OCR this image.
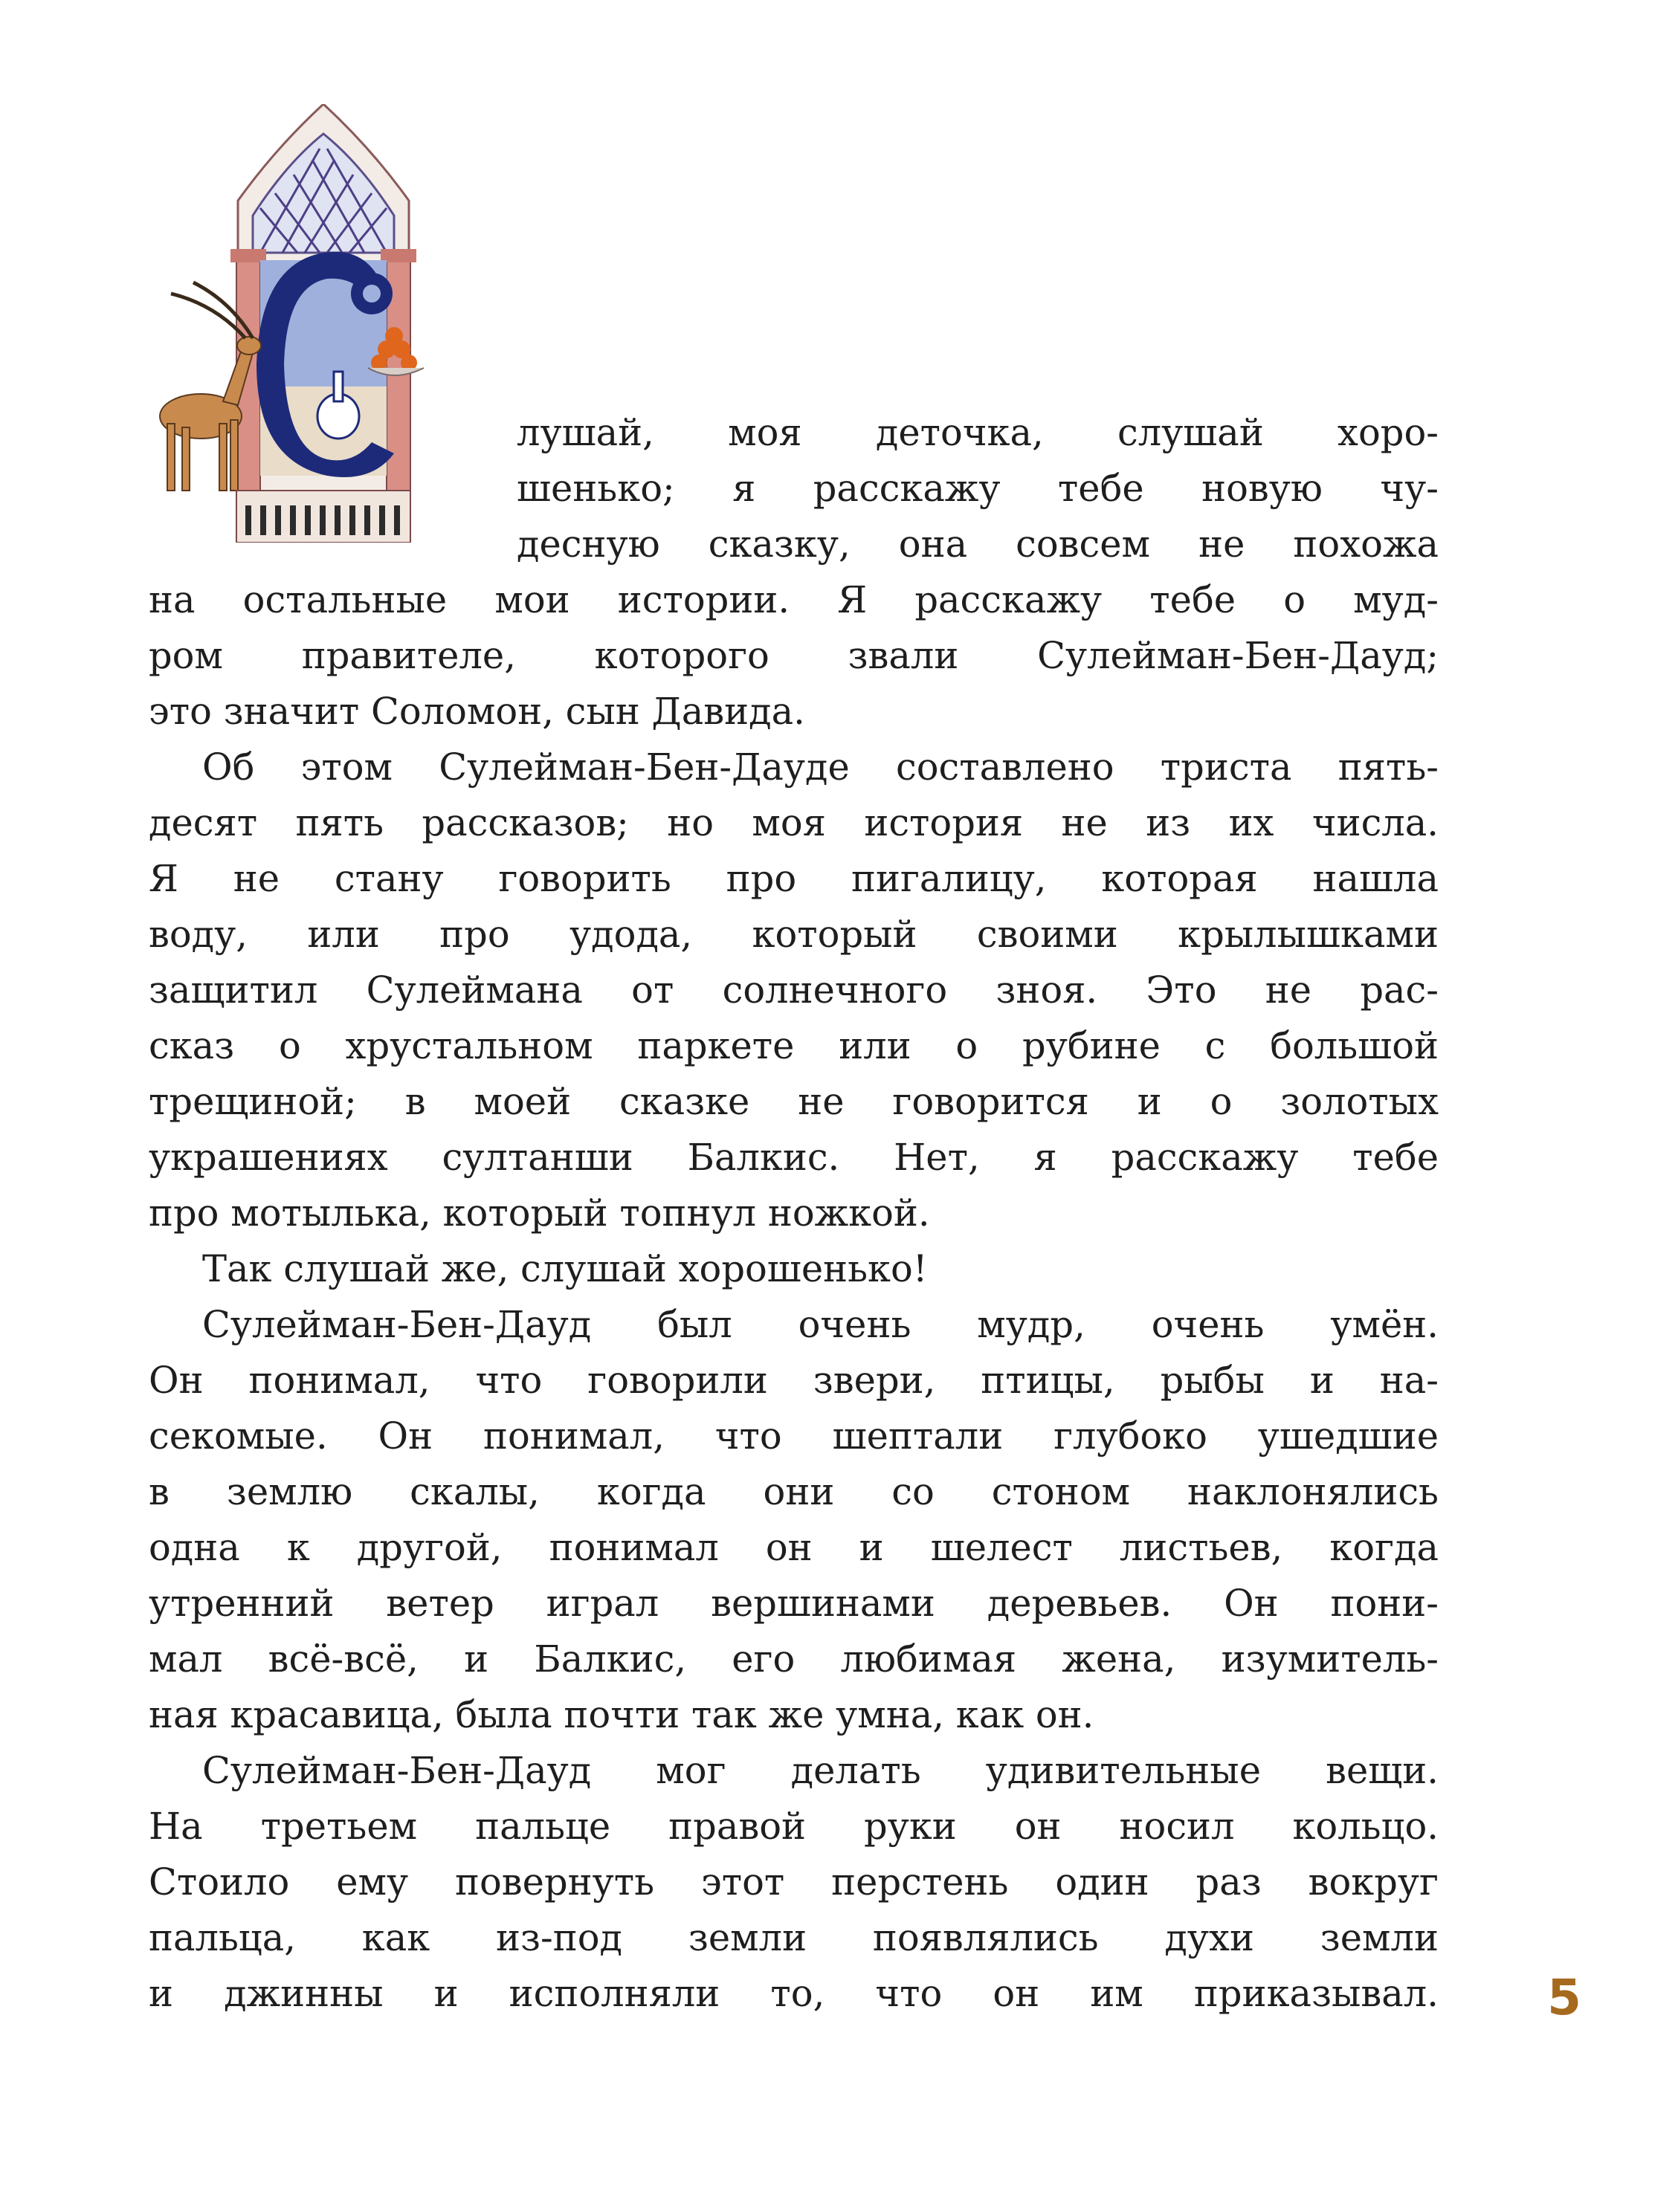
лушай, моя деточка, слушай хоро-
шенько; я расскажу тебе новую чу-
десную сказку, она совсем не похожа

на остальные мои истории. Я расскажу тебе о муд-
ром правителе, которого звали Сулейман-Бен-Дауд;
это значит Соломон, сын Давида.

Об этом Сулейман-Бен-Дауде составлено триста пять-

десят пять рассказов; но моя история не из их числа.
Я не стану говорить про пигалицу, которая нашла
воду, или про удода, который своими крылышками
защитил Сулеймана от солнечного зноя. Это не рас-
сказ о хрустальном паркете или о рубине с большой
трещиной; в моей сказке не говорится и о золотых
украшениях султанши Балкис. Нет, я расскажу тебе
про мотылька, который топнул ножкой.

Так слушай же, слушай хорошенько!

Сулейман-Бен-Дауд был очень мудр, очень умён.

Он понимал, что говорили звери, птицы, рыбы и на-
секомые. Он понимал, что шептали глубоко ушедшие
в землю скалы, когда они со стоном наклонялись
одна к другой, понимал он и шелест листьев, когда
утренний ветер играл вершинами деревьев. Он пони-
мал всё-всё, и Балкис, его любимая жена, изумитель-
ная красавица, была почти так же умна, как он.

Сулейман-Бен-Дауд мог делать удивительные вещи.

На третьем пальце правой руки он носил кольцо.
Стоило ему повернуть этот перстень один раз вокруг
пальца, как из-под земли появлялись духи земли
и джинны и исполняли то, что он им приказывал. 5
